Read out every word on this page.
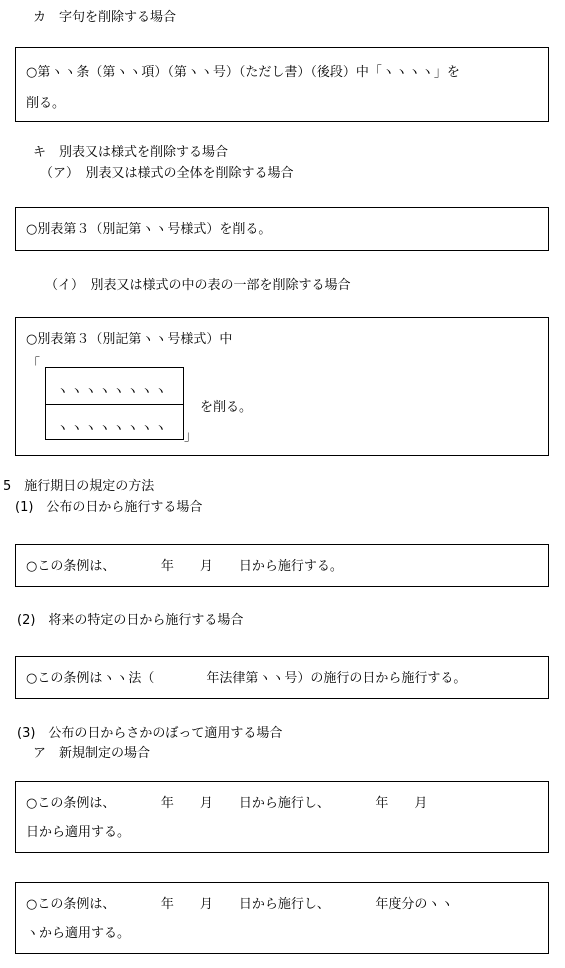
カ　字句を削除する場合
○第ヽヽ条（第ヽヽ項）（第ヽヽ号）（ただし書）（後段）中「ヽヽヽヽ」を
削る。
キ　別表又は様式を削除する場合
（ア）　別表又は様式の全体を削除する場合
○別表第３（別記第ヽヽ号様式）を削る。
（イ）　別表又は様式の中の表の一部を削除する場合
○別表第３（別記第ヽヽ号様式）中
「
ヽヽヽヽヽヽヽヽ
ヽヽヽヽヽヽヽヽ
」
を削る。
5　施行期日の規定の方法
(1)　公布の日から施行する場合
○この条例は、　　　　年　　月　　日から施行する。
(2)　将来の特定の日から施行する場合
○この条例はヽヽ法（　　　　年法律第ヽヽ号）の施行の日から施行する。
(3)　公布の日からさかのぼって適用する場合
ア　新規制定の場合
○この条例は、　　　　年　　月　　日から施行し、　　　　年　　月
日から適用する。
○この条例は、　　　　年　　月　　日から施行し、　　　　年度分のヽヽ
ヽから適用する。
